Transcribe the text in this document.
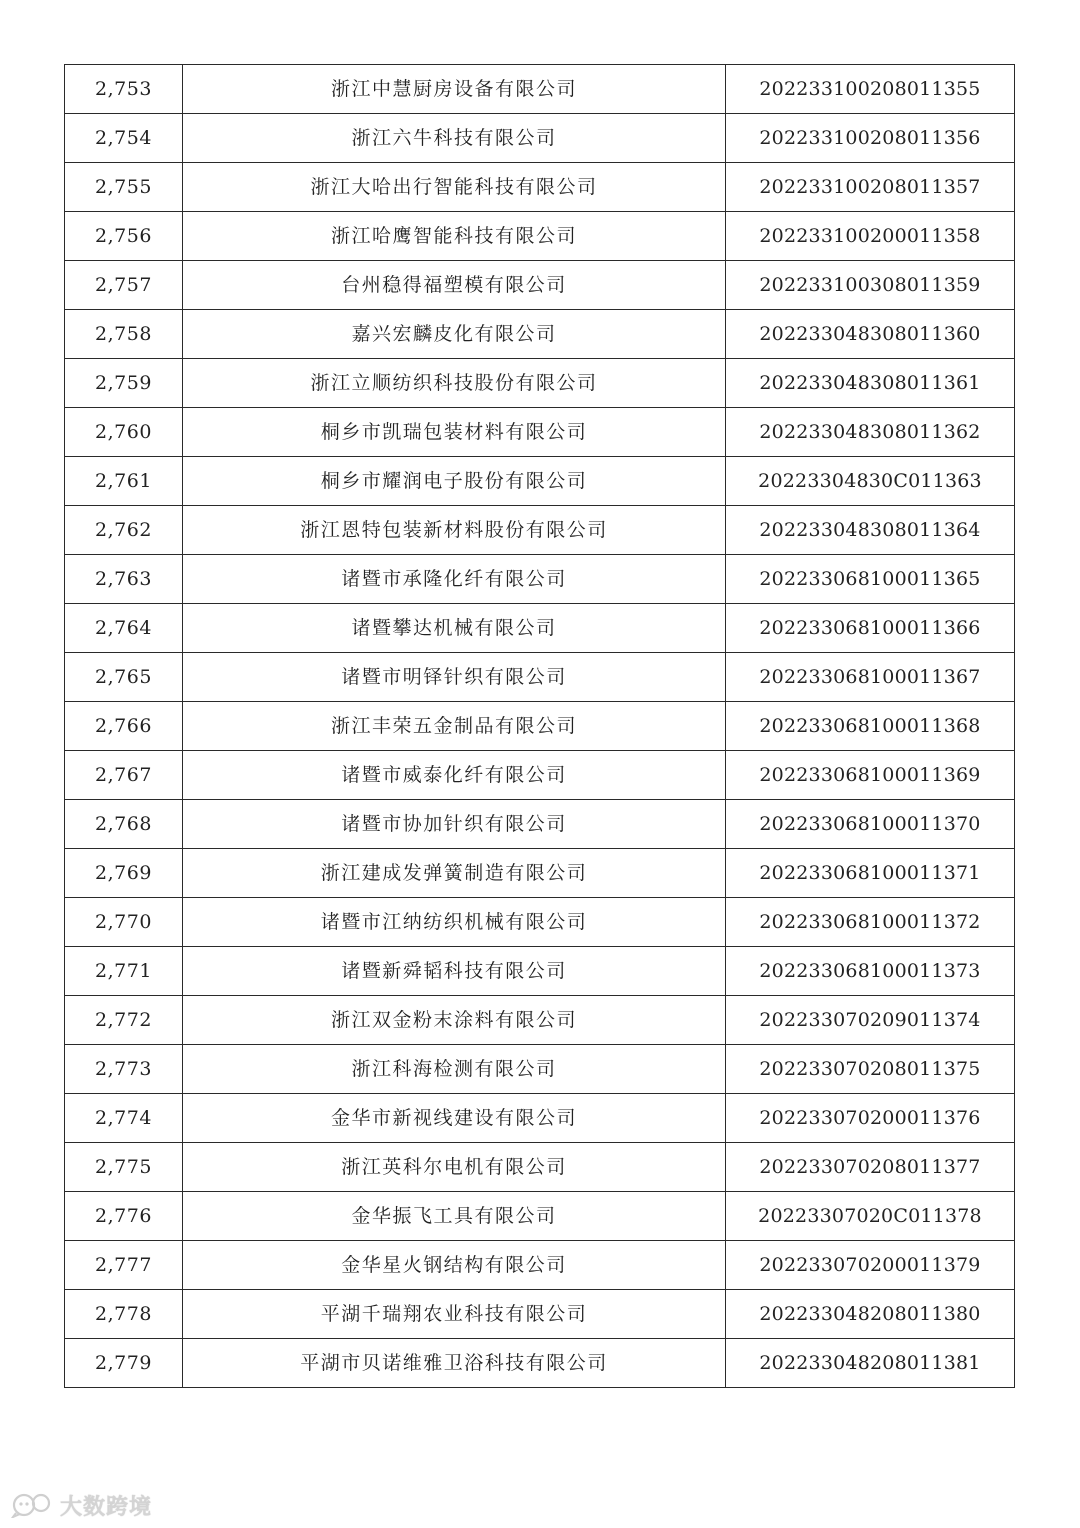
2,753	浙江中慧厨房设备有限公司	202233100208011355
2,754	浙江六牛科技有限公司	202233100208011356
2,755	浙江大哈出行智能科技有限公司	202233100208011357
2,756	浙江哈鹰智能科技有限公司	202233100200011358
2,757	台州稳得福塑模有限公司	202233100308011359
2,758	嘉兴宏麟皮化有限公司	202233048308011360
2,759	浙江立顺纺织科技股份有限公司	202233048308011361
2,760	桐乡市凯瑞包装材料有限公司	202233048308011362
2,761	桐乡市耀润电子股份有限公司	20223304830C011363
2,762	浙江恩特包装新材料股份有限公司	202233048308011364
2,763	诸暨市承隆化纤有限公司	202233068100011365
2,764	诸暨攀达机械有限公司	202233068100011366
2,765	诸暨市明铎针织有限公司	202233068100011367
2,766	浙江丰荣五金制品有限公司	202233068100011368
2,767	诸暨市威泰化纤有限公司	202233068100011369
2,768	诸暨市协加针织有限公司	202233068100011370
2,769	浙江建成发弹簧制造有限公司	202233068100011371
2,770	诸暨市江纳纺织机械有限公司	202233068100011372
2,771	诸暨新舜韬科技有限公司	202233068100011373
2,772	浙江双金粉末涂料有限公司	202233070209011374
2,773	浙江科海检测有限公司	202233070208011375
2,774	金华市新视线建设有限公司	202233070200011376
2,775	浙江英科尔电机有限公司	202233070208011377
2,776	金华振飞工具有限公司	20223307020C011378
2,777	金华星火钢结构有限公司	202233070200011379
2,778	平湖千瑞翔农业科技有限公司	202233048208011380
2,779	平湖市贝诺维雅卫浴科技有限公司	202233048208011381
大数跨境
